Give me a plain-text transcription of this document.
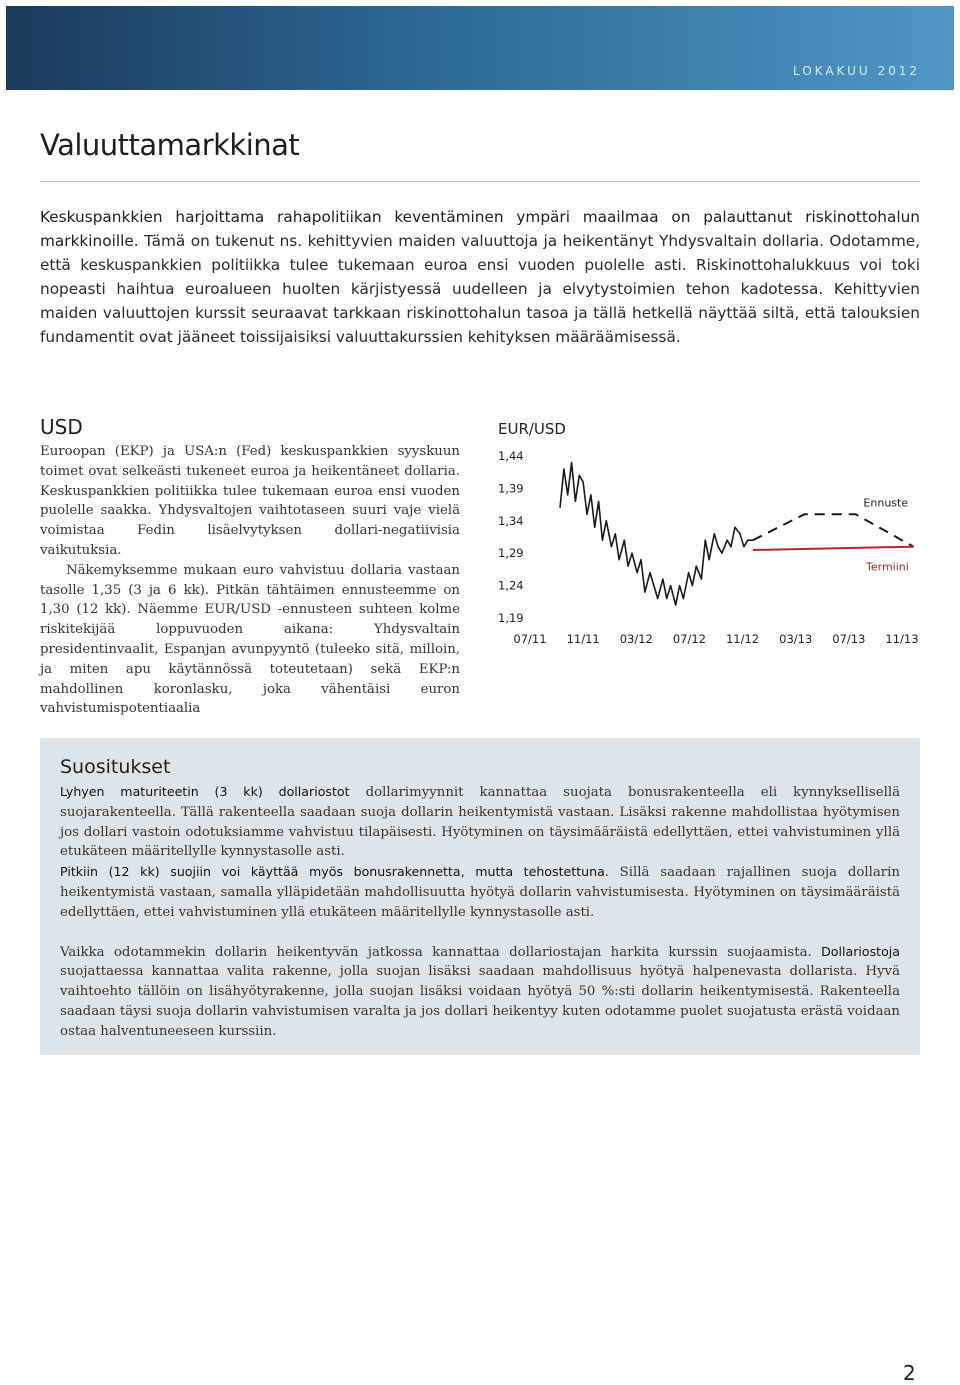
LOKAKUU 2012
Valuuttamarkkinat

Keskuspankkien harjoittama rahapolitiikan keventäminen ympäri maailmaa on palauttanut riskinottohalun markkinoille. Tämä on tukenut ns. kehittyvien maiden valuuttoja ja heikentänyt Yhdysvaltain dollaria. Odotamme, että keskuspankkien politiikka tulee tukemaan euroa ensi vuoden puolelle asti. Riskinottohalukkuus voi toki nopeasti haihtua euroalueen huolten kärjistyessä uudelleen ja elvytystoimien tehon kadotessa. Kehittyvien maiden valuuttojen kurssit seuraavat tarkkaan riskinottohalun tasoa ja tällä hetkellä näyttää siltä, että talouksien fundamentit ovat jääneet toissijaisiksi valuuttakurssien kehityksen määräämisessä.

USD

Euroopan (EKP) ja USA:n (Fed) keskuspankkien syyskuun toimet ovat selkeästi tukeneet euroa ja heikentäneet dollaria. Keskuspankkien politiikka tulee tukemaan euroa ensi vuoden puolelle saakka. Yhdysvaltojen vaihtotaseen suuri vaje vielä voimistaa Fedin lisäelvytyksen dollari-negatiivisia vaikutuksia.

Näkemyksemme mukaan euro vahvistuu dollaria vastaan tasolle 1,35 (3 ja 6 kk). Pitkän tähtäimen ennusteemme on 1,30 (12 kk). Näemme EUR/USD -ennusteen suhteen kolme riskitekijää loppuvuoden aikana: Yhdysvaltain presidentinvaalit, Espanjan avunpyyntö (tuleeko sitä, milloin, ja miten apu käytännössä toteutetaan) sekä EKP:n mahdollinen koronlasku, joka vähentäisi euron vahvistumispotentiaalia

EUR/USD
1,44
1,39
1,34
1,29
1,24
1,19
07/11 11/11 03/12 07/12 11/12 03/13 07/13 11/13
Ennuste
Termiini
Suositukset

Lyhyen maturiteetin (3 kk) dollariostot dollarimyynnit kannattaa suojata bonusrakenteella eli kynnyksellisellä suojarakenteella. Tällä rakenteella saadaan suoja dollarin heikentymistä vastaan. Lisäksi rakenne mahdollistaa hyötymisen jos dollari vastoin odotuksiamme vahvistuu tilapäisesti. Hyötyminen on täysimääräistä edellyttäen, ettei vahvistuminen yllä etukäteen määritellylle kynnystasolle asti.

Pitkiin (12 kk) suojiin voi käyttää myös bonusrakennetta, mutta tehostettuna. Sillä saadaan rajallinen suoja dollarin heikentymistä vastaan, samalla ylläpidetään mahdollisuutta hyötyä dollarin vahvistumisesta. Hyötyminen on täysimääräistä edellyttäen, ettei vahvistuminen yllä etukäteen määritellylle kynnystasolle asti.

Vaikka odotammekin dollarin heikentyvän jatkossa kannattaa dollariostajan harkita kurssin suojaamista. Dollariostoja suojattaessa kannattaa valita rakenne, jolla suojan lisäksi saadaan mahdollisuus hyötyä halpenevasta dollarista. Hyvä vaihtoehto tällöin on lisähyötyrakenne, jolla suojan lisäksi voidaan hyötyä 50 %:sti dollarin heikentymisestä. Rakenteella saadaan täysi suoja dollarin vahvistumisen varalta ja jos dollari heikentyy kuten odotamme puolet suojatusta erästä voidaan ostaa halventuneeseen kurssiin.

2
